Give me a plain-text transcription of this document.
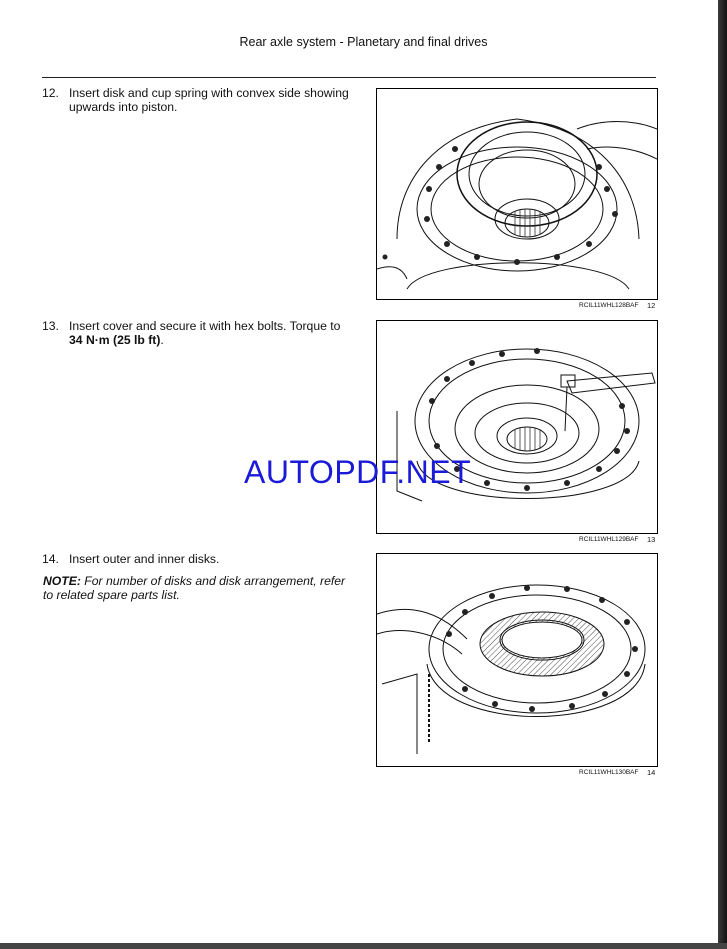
Rear axle system - Planetary and final drives
12. Insert disk and cup spring with convex side showing upwards into piston.
13. Insert cover and secure it with hex bolts. Torque to 34 N·m (25 lb ft).
14. Insert outer and inner disks.
NOTE: For number of disks and disk arrangement, refer to related spare parts list.
RCIL11WHL128BAF 12
RCIL11WHL129BAF 13
RCIL11WHL130BAF 14
AUTOPDF.NET
